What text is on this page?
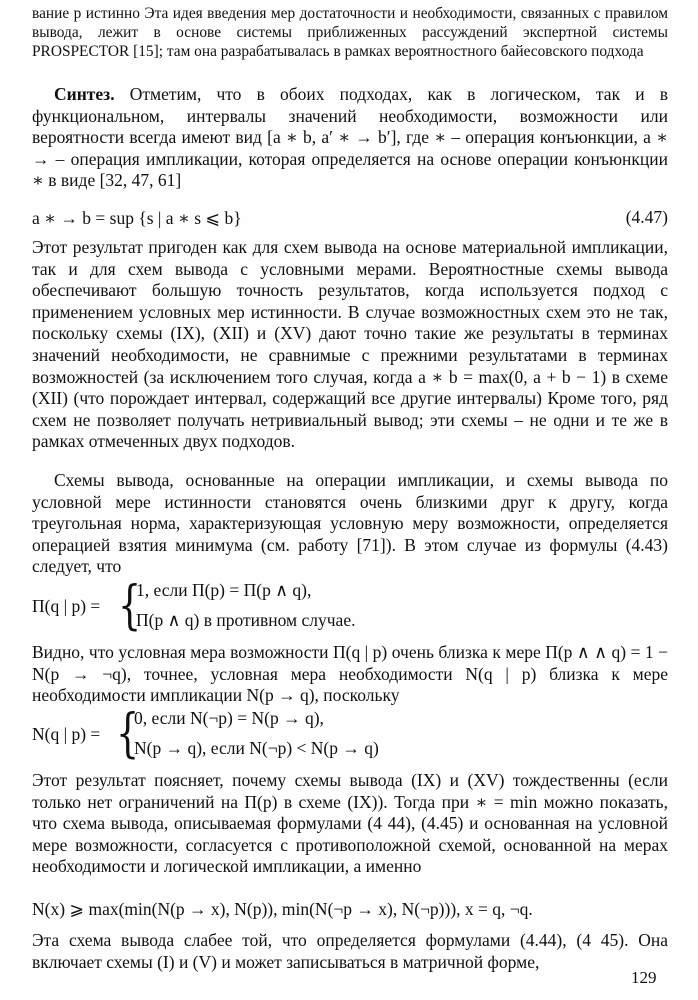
вание р истинно Эта идея введения мер достаточности и необходимости, связанных с правилом вывода, лежит в основе системы приближенных рассуждений экспертной системы PROSPECTOR [15]; там она разрабатывалась в рамках вероятностного байесовского подхода

Синтез. Отметим, что в обоих подходах, как в логическом, так и в функциональном, интервалы значений необходимости, возможности или вероятности всегда имеют вид [a ∗ b, a′ ∗ → b′], где ∗ – операция конъюнкции, a ∗ → – операция импликации, которая определяется на основе операции конъюнкции ∗ в виде [32, 47, 61]

a ∗ → b = sup {s | a ∗ s ⩽ b}	(4.47)

Этот результат пригоден как для схем вывода на основе материальной импликации, так и для схем вывода с условными мерами. Вероятностные схемы вывода обеспечивают большую точность результатов, когда используется подход с применением условных мер истинности. В случае возможностных схем это не так, поскольку схемы (IX), (XII) и (XV) дают точно такие же результаты в терминах значений необходимости, не сравнимые с прежними результатами в терминах возможностей (за исключением того случая, когда a ∗ b = max(0, a + b − 1) в схеме (XII) (что порождает интервал, содержащий все другие интервалы) Кроме того, ряд схем не позволяет получать нетривиальный вывод; эти схемы – не одни и те же в рамках отмеченных двух подходов.

Схемы вывода, основанные на операции импликации, и схемы вывода по условной мере истинности становятся очень близкими друг к другу, когда треугольная норма, характеризующая условную меру возможности, определяется операцией взятия минимума (см. работу [71]). В этом случае из формулы (4.43) следует, что

Π(q | p) = {
1, если Π(p) = Π(p ∧ q),
Π(p ∧ q) в противном случае.

Видно, что условная мера возможности Π(q | p) очень близка к мере Π(p ∧ ∧ q) = 1 − N(p → ¬q), точнее, условная мера необходимости N(q | p) близка к мере необходимости импликации N(p → q), поскольку

N(q | p) = {
0, если N(¬p) = N(p → q),
N(p → q), если N(¬p) < N(p → q)

Этот результат поясняет, почему схемы вывода (IX) и (XV) тождественны (если только нет ограничений на Π(p) в схеме (IX)). Тогда при ∗ = min можно показать, что схема вывода, описываемая формулами (4 44), (4.45) и основанная на условной мере возможности, согласуется с противоположной схемой, основанной на мерах необходимости и логической импликации, а именно

N(x) ⩾ max(min(N(p → x), N(p)), min(N(¬p → x), N(¬p))), x = q, ¬q.

Эта схема вывода слабее той, что определяется формулами (4.44), (4 45). Она включает схемы (I) и (V) и может записываться в матричной форме,

129
